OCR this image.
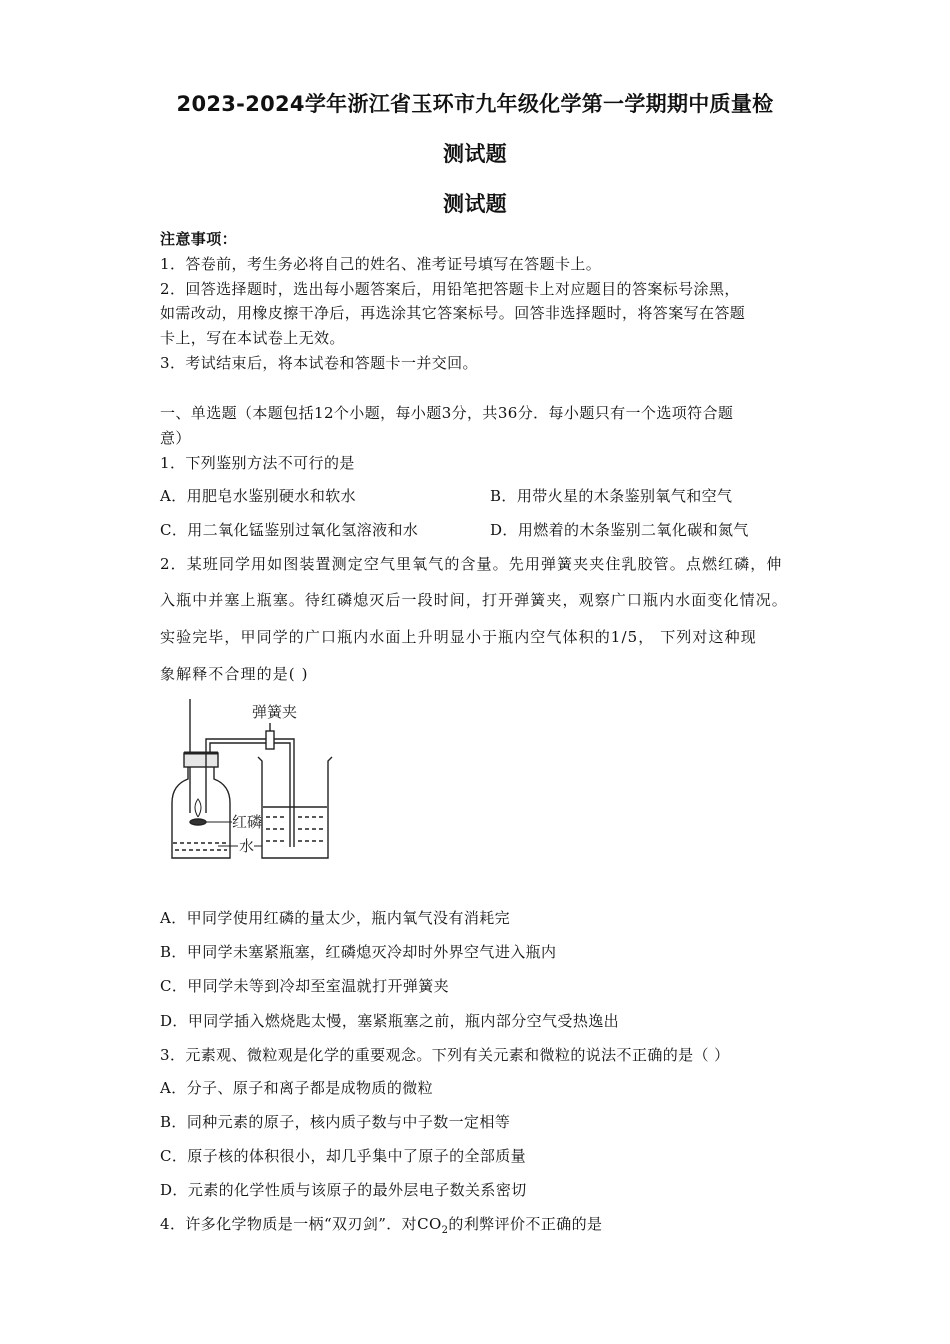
2023-2024学年浙江省玉环市九年级化学第一学期期中质量检
测试题
测试题
注意事项：
1．答卷前，考生务必将自己的姓名、准考证号填写在答题卡上。
2．回答选择题时，选出每小题答案后，用铅笔把答题卡上对应题目的答案标号涂黑，
如需改动，用橡皮擦干净后，再选涂其它答案标号。回答非选择题时，将答案写在答题
卡上，写在本试卷上无效。
3．考试结束后，将本试卷和答题卡一并交回。
一、单选题（本题包括12个小题，每小题3分，共36分．每小题只有一个选项符合题
意）
1．下列鉴别方法不可行的是
A．用肥皂水鉴别硬水和软水	B．用带火星的木条鉴别氧气和空气
C．用二氧化锰鉴别过氧化氢溶液和水	D．用燃着的木条鉴别二氧化碳和氮气
2．某班同学用如图装置测定空气里氧气的含量。先用弹簧夹夹住乳胶管。点燃红磷，伸
入瓶中并塞上瓶塞。待红磷熄灭后一段时间，打开弹簧夹，观察广口瓶内水面变化情况。
实验完毕，甲同学的广口瓶内水面上升明显小于瓶内空气体积的1/5， 下列对这种现
象解释不合理的是( )
弹簧夹
红磷
水
A．甲同学使用红磷的量太少，瓶内氧气没有消耗完
B．甲同学未塞紧瓶塞，红磷熄灭冷却时外界空气进入瓶内
C．甲同学未等到冷却至室温就打开弹簧夹
D．甲同学插入燃烧匙太慢，塞紧瓶塞之前，瓶内部分空气受热逸出
3．元素观、微粒观是化学的重要观念。下列有关元素和微粒的说法不正确的是（ ）
A．分子、原子和离子都是成物质的微粒
B．同种元素的原子，核内质子数与中子数一定相等
C．原子核的体积很小，却几乎集中了原子的全部质量
D．元素的化学性质与该原子的最外层电子数关系密切
4．许多化学物质是一柄“双刃剑”．对$CO_2$的利弊评价不正确的是
